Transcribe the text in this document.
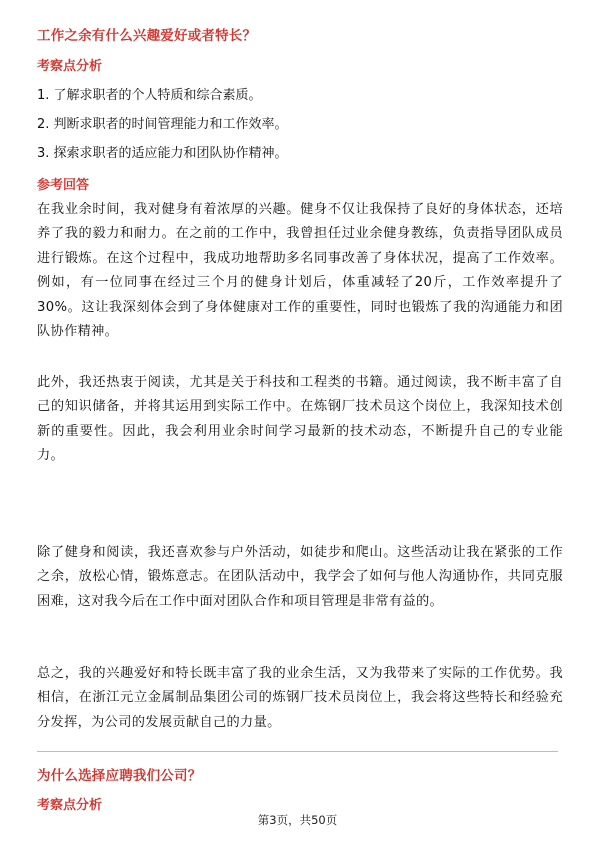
工作之余有什么兴趣爱好或者特长？
考察点分析
1. 了解求职者的个人特质和综合素质。
2. 判断求职者的时间管理能力和工作效率。
3. 探索求职者的适应能力和团队协作精神。
参考回答
在我业余时间，我对健身有着浓厚的兴趣。健身不仅让我保持了良好的身体状态，还培养了我的毅力和耐力。在之前的工作中，我曾担任过业余健身教练，负责指导团队成员进行锻炼。在这个过程中，我成功地帮助多名同事改善了身体状况，提高了工作效率。例如，有一位同事在经过三个月的健身计划后，体重减轻了20斤，工作效率提升了30%。这让我深刻体会到了身体健康对工作的重要性，同时也锻炼了我的沟通能力和团队协作精神。
此外，我还热衷于阅读，尤其是关于科技和工程类的书籍。通过阅读，我不断丰富了自己的知识储备，并将其运用到实际工作中。在炼钢厂技术员这个岗位上，我深知技术创新的重要性。因此，我会利用业余时间学习最新的技术动态，不断提升自己的专业能力。
除了健身和阅读，我还喜欢参与户外活动，如徒步和爬山。这些活动让我在紧张的工作之余，放松心情，锻炼意志。在团队活动中，我学会了如何与他人沟通协作，共同克服困难，这对我今后在工作中面对团队合作和项目管理是非常有益的。
总之，我的兴趣爱好和特长既丰富了我的业余生活，又为我带来了实际的工作优势。我相信，在浙江元立金属制品集团公司的炼钢厂技术员岗位上，我会将这些特长和经验充分发挥，为公司的发展贡献自己的力量。
为什么选择应聘我们公司？
考察点分析
第3页，共50页
